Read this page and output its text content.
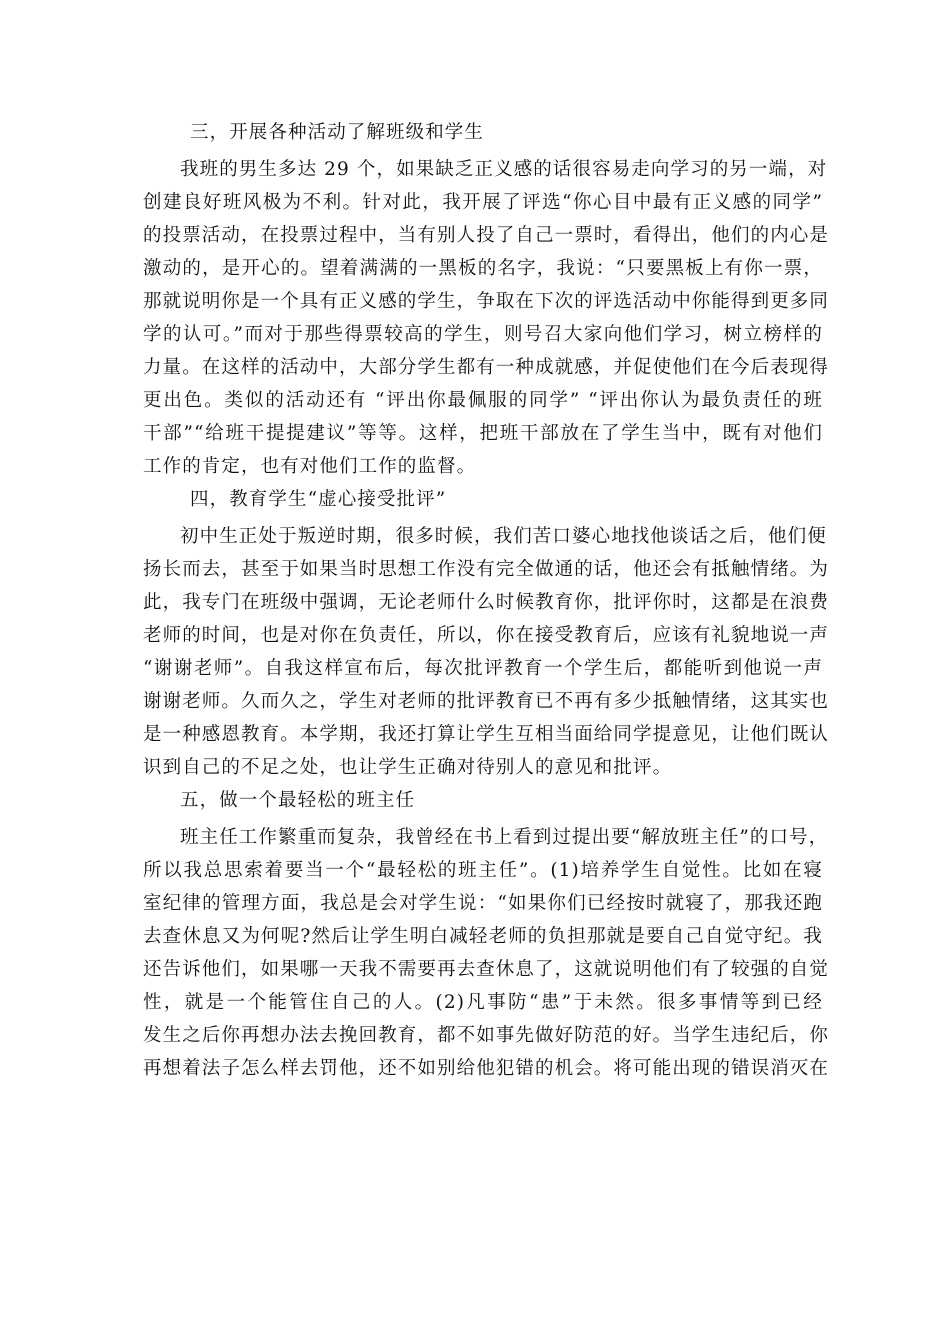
三，开展各种活动了解班级和学生
我班的男生多达 29 个，如果缺乏正义感的话很容易走向学习的另一端，对
创建良好班风极为不利。针对此，我开展了评选“你心目中最有正义感的同学”
的投票活动，在投票过程中，当有别人投了自己一票时，看得出，他们的内心是
激动的，是开心的。望着满满的一黑板的名字，我说：“只要黑板上有你一票，
那就说明你是一个具有正义感的学生，争取在下次的评选活动中你能得到更多同
学的认可。”而对于那些得票较高的学生，则号召大家向他们学习，树立榜样的
力量。在这样的活动中，大部分学生都有一种成就感，并促使他们在今后表现得
更出色。类似的活动还有 “评出你最佩服的同学” “评出你认为最负责任的班
干部”“给班干提提建议”等等。这样，把班干部放在了学生当中，既有对他们
工作的肯定，也有对他们工作的监督。
四，教育学生“虚心接受批评”
初中生正处于叛逆时期，很多时候，我们苦口婆心地找他谈话之后，他们便
扬长而去，甚至于如果当时思想工作没有完全做通的话，他还会有抵触情绪。为
此，我专门在班级中强调，无论老师什么时候教育你，批评你时，这都是在浪费
老师的时间，也是对你在负责任，所以，你在接受教育后，应该有礼貌地说一声
“谢谢老师”。自我这样宣布后，每次批评教育一个学生后，都能听到他说一声
谢谢老师。久而久之，学生对老师的批评教育已不再有多少抵触情绪，这其实也
是一种感恩教育。本学期，我还打算让学生互相当面给同学提意见，让他们既认
识到自己的不足之处，也让学生正确对待别人的意见和批评。
五，做一个最轻松的班主任
班主任工作繁重而复杂，我曾经在书上看到过提出要“解放班主任”的口号，
所以我总思索着要当一个“最轻松的班主任”。(1)培养学生自觉性。比如在寝
室纪律的管理方面，我总是会对学生说：“如果你们已经按时就寝了，那我还跑
去查休息又为何呢?然后让学生明白减轻老师的负担那就是要自己自觉守纪。我
还告诉他们，如果哪一天我不需要再去查休息了，这就说明他们有了较强的自觉
性，就是一个能管住自己的人。(2)凡事防“患”于未然。很多事情等到已经
发生之后你再想办法去挽回教育，都不如事先做好防范的好。当学生违纪后，你
再想着法子怎么样去罚他，还不如别给他犯错的机会。将可能出现的错误消灭在
